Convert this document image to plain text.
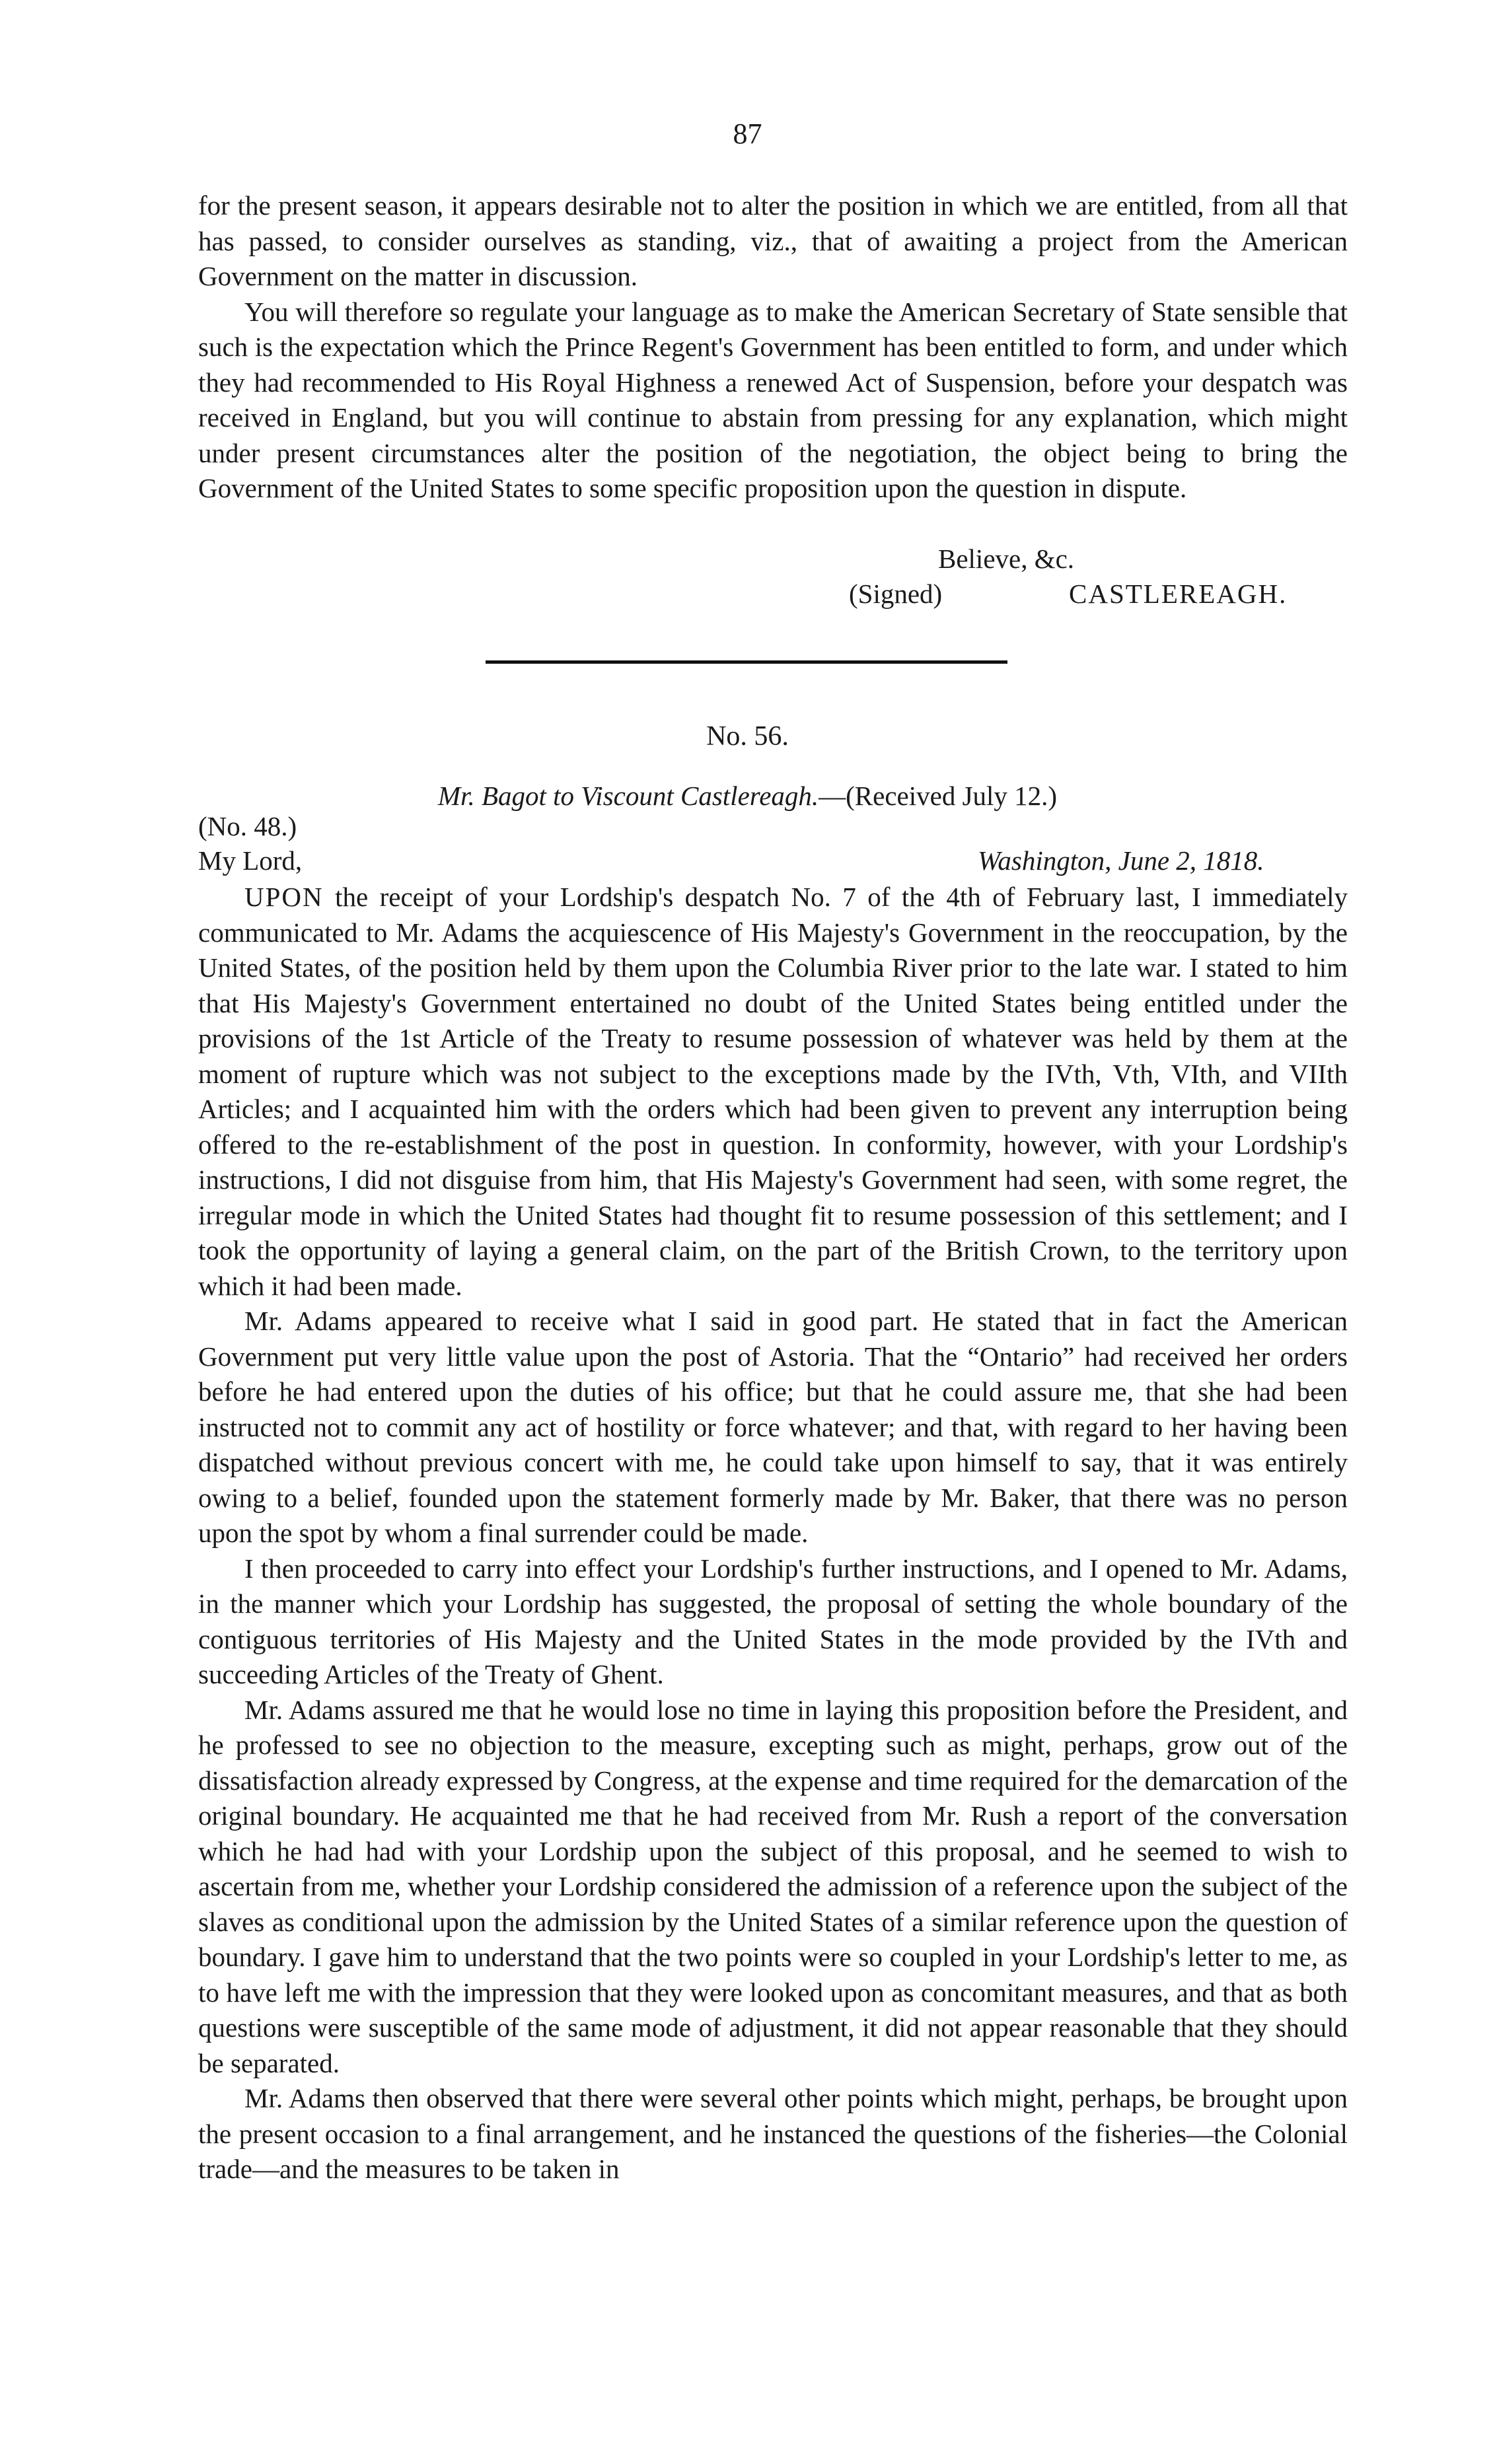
87

for the present season, it appears desirable not to alter the position in which we are entitled, from all that has passed, to consider ourselves as standing, viz., that of awaiting a project from the American Government on the matter in discussion.

You will therefore so regulate your language as to make the American Secretary of State sensible that such is the expectation which the Prince Regent's Government has been entitled to form, and under which they had recommended to His Royal Highness a renewed Act of Suspension, before your despatch was received in England, but you will continue to abstain from pressing for any explanation, which might under present circumstances alter the position of the negotiation, the object being to bring the Government of the United States to some specific proposition upon the question in dispute.

Believe, &c.
(Signed)	CASTLEREAGH.
No. 56.
Mr. Bagot to Viscount Castlereagh.—(Received July 12.)
(No. 48.)
My Lord,	Washington, June 2, 1818.

UPON the receipt of your Lordship's despatch No. 7 of the 4th of February last, I immediately communicated to Mr. Adams the acquiescence of His Majesty's Government in the reoccupation, by the United States, of the position held by them upon the Columbia River prior to the late war. I stated to him that His Majesty's Government entertained no doubt of the United States being entitled under the provisions of the 1st Article of the Treaty to resume possession of whatever was held by them at the moment of rupture which was not subject to the exceptions made by the IVth, Vth, VIth, and VIIth Articles; and I acquainted him with the orders which had been given to prevent any interruption being offered to the re-establishment of the post in question. In conformity, however, with your Lordship's instructions, I did not disguise from him, that His Majesty's Government had seen, with some regret, the irregular mode in which the United States had thought fit to resume possession of this settlement; and I took the opportunity of laying a general claim, on the part of the British Crown, to the territory upon which it had been made.

Mr. Adams appeared to receive what I said in good part. He stated that in fact the American Government put very little value upon the post of Astoria. That the “Ontario” had received her orders before he had entered upon the duties of his office; but that he could assure me, that she had been instructed not to commit any act of hostility or force whatever; and that, with regard to her having been dispatched without previous concert with me, he could take upon himself to say, that it was entirely owing to a belief, founded upon the statement formerly made by Mr. Baker, that there was no person upon the spot by whom a final surrender could be made.

I then proceeded to carry into effect your Lordship's further instructions, and I opened to Mr. Adams, in the manner which your Lordship has suggested, the proposal of setting the whole boundary of the contiguous territories of His Majesty and the United States in the mode provided by the IVth and succeeding Articles of the Treaty of Ghent.

Mr. Adams assured me that he would lose no time in laying this proposition before the President, and he professed to see no objection to the measure, excepting such as might, perhaps, grow out of the dissatisfaction already expressed by Congress, at the expense and time required for the demarcation of the original boundary. He acquainted me that he had received from Mr. Rush a report of the conversation which he had had with your Lordship upon the subject of this proposal, and he seemed to wish to ascertain from me, whether your Lordship considered the admission of a reference upon the subject of the slaves as conditional upon the admission by the United States of a similar reference upon the question of boundary. I gave him to understand that the two points were so coupled in your Lordship's letter to me, as to have left me with the impression that they were looked upon as concomitant measures, and that as both questions were susceptible of the same mode of adjustment, it did not appear reasonable that they should be separated.

Mr. Adams then observed that there were several other points which might, perhaps, be brought upon the present occasion to a final arrangement, and he instanced the questions of the fisheries—the Colonial trade—and the measures to be taken in
